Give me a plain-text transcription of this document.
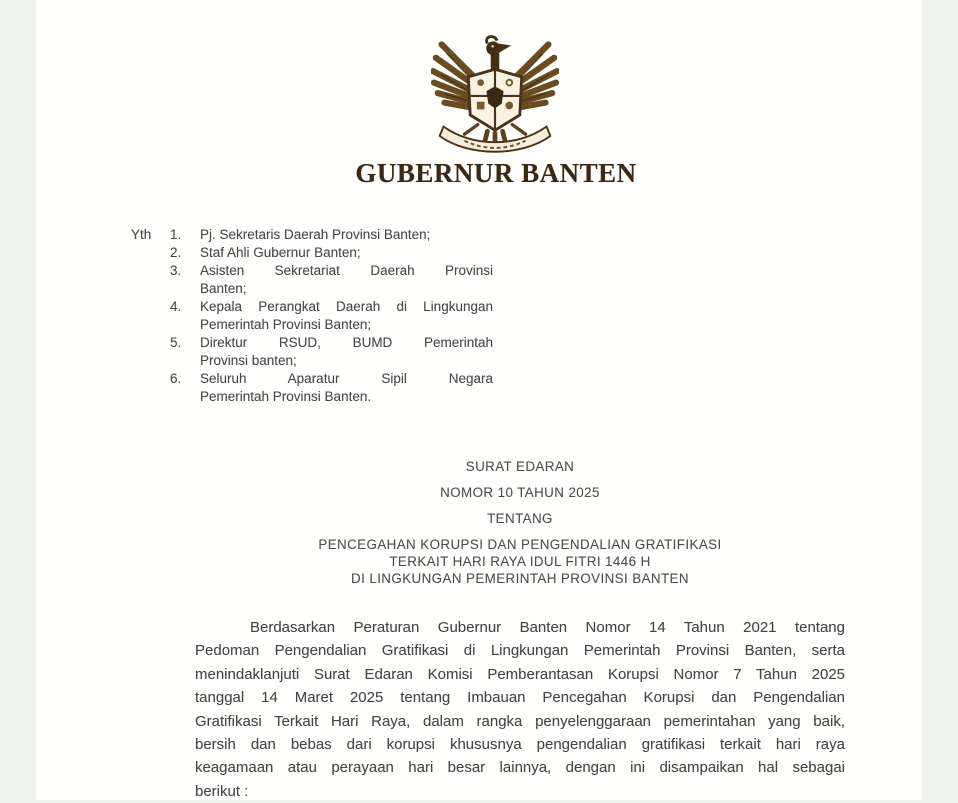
GUBERNUR BANTEN
Yth	1.	Pj. Sekretaris Daerah Provinsi Banten;
2.	Staf Ahli Gubernur Banten;
3.	Asisten Sekretariat Daerah Provinsi
Banten;
4.	Kepala Perangkat Daerah di Lingkungan
Pemerintah Provinsi Banten;
5.	Direktur RSUD, BUMD Pemerintah
Provinsi banten;
6.	Seluruh Aparatur Sipil Negara
Pemerintah Provinsi Banten.
SURAT EDARAN
NOMOR 10 TAHUN 2025
TENTANG
PENCEGAHAN KORUPSI DAN PENGENDALIAN GRATIFIKASI
TERKAIT HARI RAYA IDUL FITRI 1446 H
DI LINGKUNGAN PEMERINTAH PROVINSI BANTEN
Berdasarkan Peraturan Gubernur Banten Nomor 14 Tahun 2021 tentang
Pedoman Pengendalian Gratifikasi di Lingkungan Pemerintah Provinsi Banten, serta
menindaklanjuti Surat Edaran Komisi Pemberantasan Korupsi Nomor 7 Tahun 2025
tanggal 14 Maret 2025 tentang Imbauan Pencegahan Korupsi dan Pengendalian
Gratifikasi Terkait Hari Raya, dalam rangka penyelenggaraan pemerintahan yang baik,
bersih dan bebas dari korupsi khususnya pengendalian gratifikasi terkait hari raya
keagamaan atau perayaan hari besar lainnya, dengan ini disampaikan hal sebagai
berikut :
